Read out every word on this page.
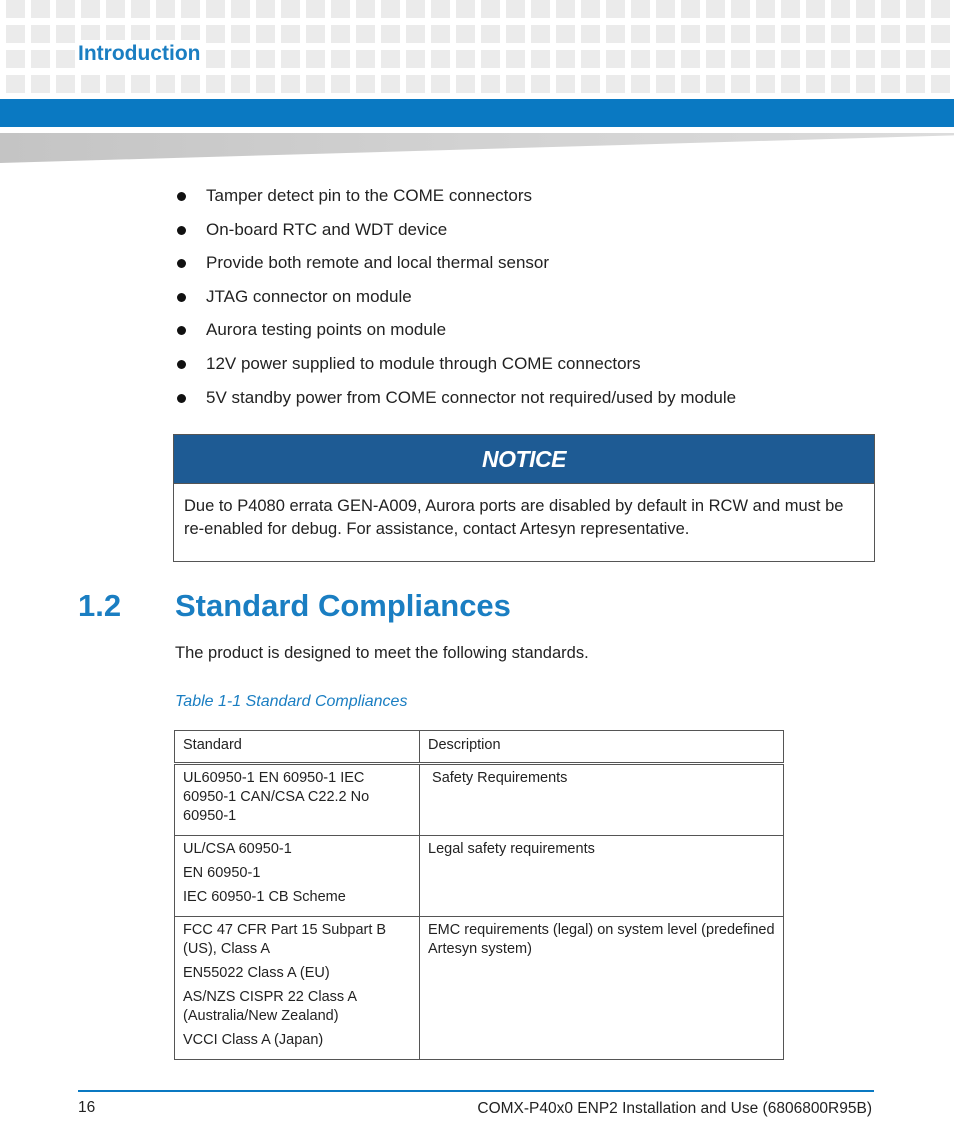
Introduction
Tamper detect pin to the COME connectors
On-board RTC and WDT device
Provide both remote and local thermal sensor
JTAG connector on module
Aurora testing points on module
12V power supplied to module through COME connectors
5V standby power from COME connector not required/used by module
NOTICE
Due to P4080 errata GEN-A009, Aurora ports are disabled by default in RCW and must be re-enabled for debug. For assistance, contact Artesyn representative.
1.2 Standard Compliances
The product is designed to meet the following standards.
Table 1-1 Standard Compliances
Standard	Description

UL60950-1 EN 60950-1 IEC 60950-1 CAN/CSA C22.2 No 60950-1	Safety Requirements

UL/CSA 60950-1
EN 60950-1
IEC 60950-1 CB Scheme	Legal safety requirements

FCC 47 CFR Part 15 Subpart B (US), Class A
EN55022 Class A (EU)
AS/NZS CISPR 22 Class A (Australia/New Zealand)
VCCI Class A (Japan)	EMC requirements (legal) on system level (predefined Artesyn system)
16	COMX-P40x0 ENP2 Installation and Use (6806800R95B)
